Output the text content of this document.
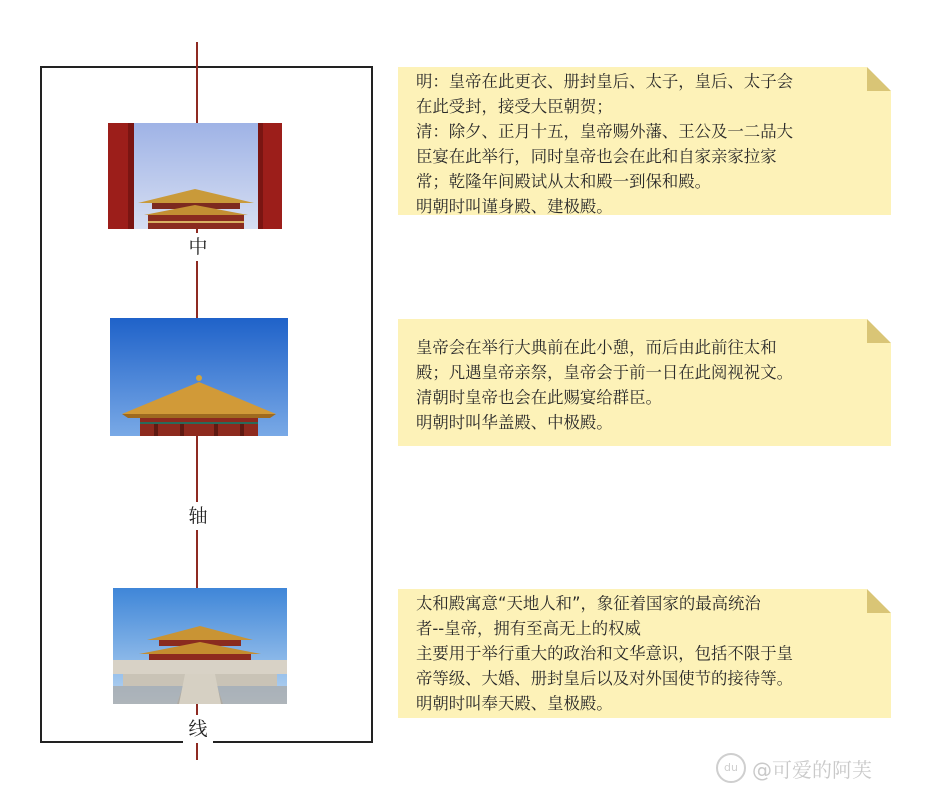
中
轴
线

明：皇帝在此更衣、册封皇后、太子，皇后、太子会

在此受封，接受大臣朝贺；

清：除夕、正月十五，皇帝赐外藩、王公及一二品大

臣宴在此举行，同时皇帝也会在此和自家亲家拉家

常；乾隆年间殿试从太和殿一到保和殿。

明朝时叫谨身殿、建极殿。

皇帝会在举行大典前在此小憩，而后由此前往太和

殿；凡遇皇帝亲祭，皇帝会于前一日在此阅视祝文。

清朝时皇帝也会在此赐宴给群臣。

明朝时叫华盖殿、中极殿。

太和殿寓意“天地人和”，象征着国家的最高统治

者--皇帝，拥有至高无上的权威

主要用于举行重大的政治和文华意识，包括不限于皇

帝等级、大婚、册封皇后以及对外国使节的接待等。

明朝时叫奉天殿、皇极殿。

du @可爱的阿芙
